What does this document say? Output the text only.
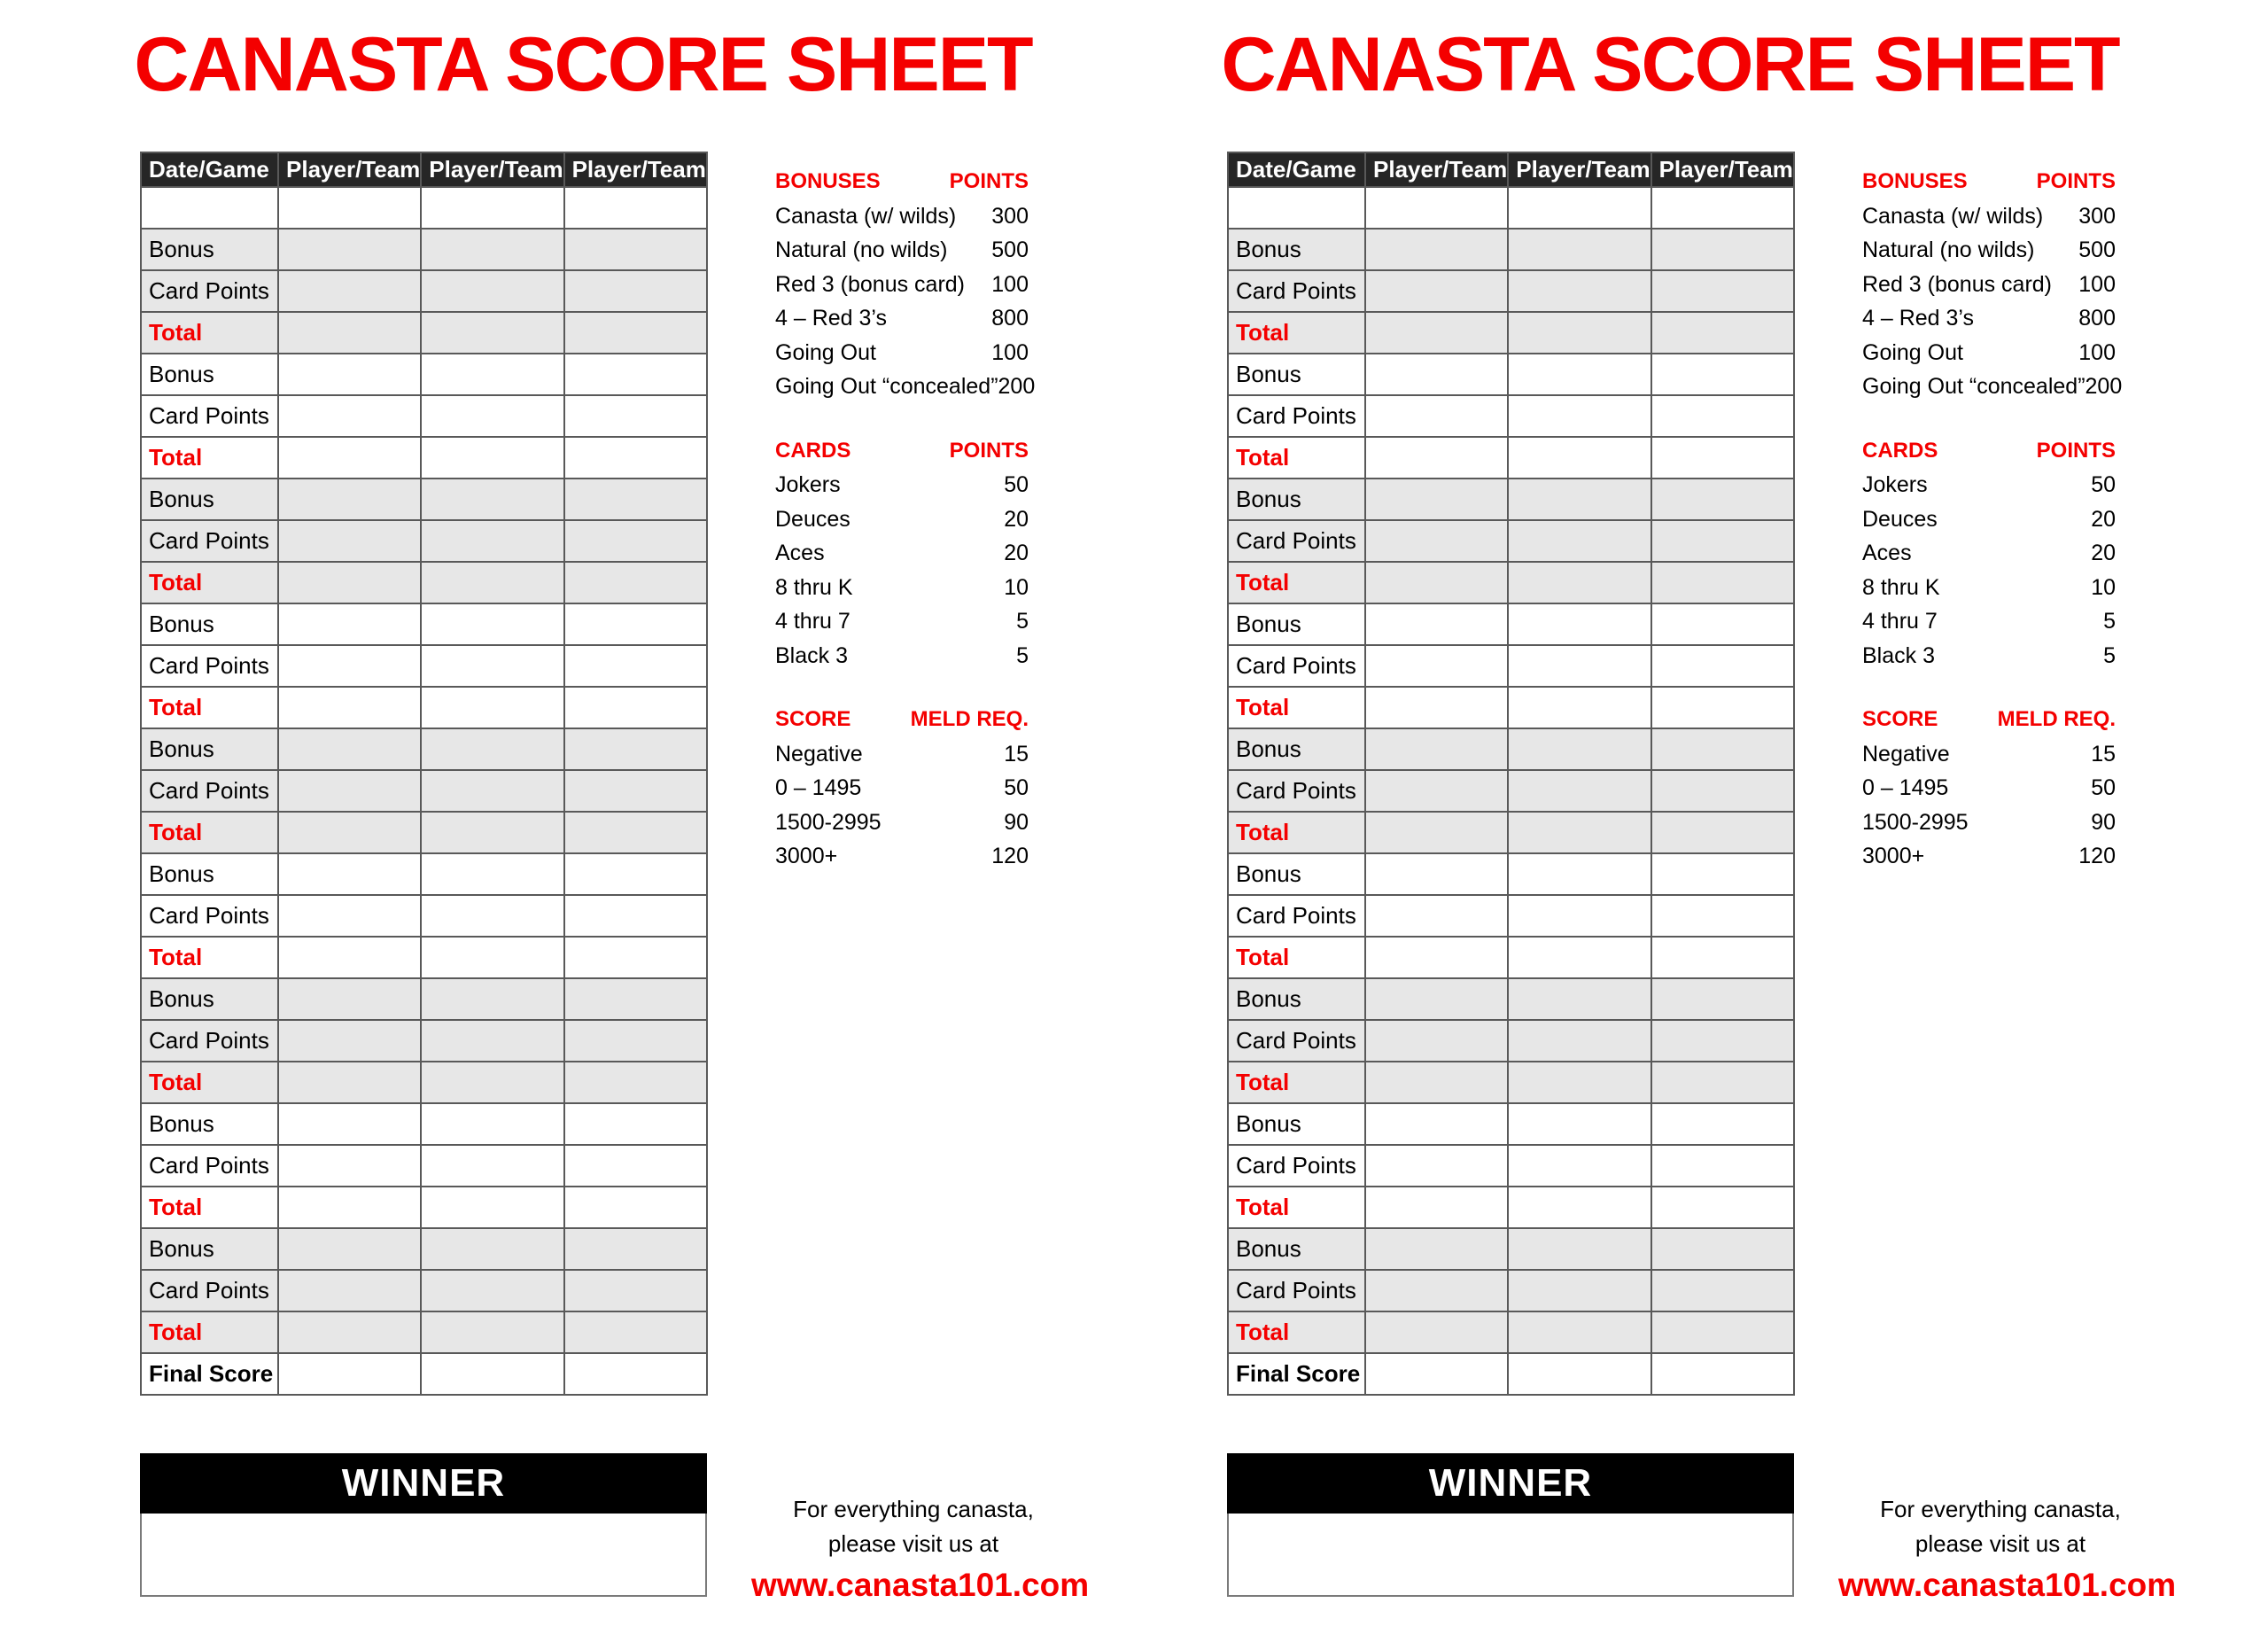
CANASTA SCORE SHEET
Date/Game	Player/Team	Player/Team	Player/Team

Bonus			
Card Points			
Total			
Bonus			
Card Points			
Total			
Bonus			
Card Points			
Total			
Bonus			
Card Points			
Total			
Bonus			
Card Points			
Total			
Bonus			
Card Points			
Total			
Bonus			
Card Points			
Total			
Bonus			
Card Points			
Total			
Bonus			
Card Points			
Total			
Final Score			
BONUSES	POINTS
Canasta (w/ wilds) 300
Natural (no wilds) 500
Red 3 (bonus card) 100
4 – Red 3’s	800
Going Out	100
Going Out “concealed” 200
CARDS	POINTS
Jokers	50
Deuces	20
Aces	20
8 thru K	10
4 thru 7	5
Black 3	5
SCORE	MELD REQ.
Negative	15
0 – 1495	50
1500-2995	90
3000+	120
WINNER
For everything canasta,
please visit us at
www.canasta101.com
CANASTA SCORE SHEET
Date/Game	Player/Team	Player/Team	Player/Team

Bonus			
Card Points			
Total			
Bonus			
Card Points			
Total			
Bonus			
Card Points			
Total			
Bonus			
Card Points			
Total			
Bonus			
Card Points			
Total			
Bonus			
Card Points			
Total			
Bonus			
Card Points			
Total			
Bonus			
Card Points			
Total			
Bonus			
Card Points			
Total			
Final Score			
BONUSES	POINTS
Canasta (w/ wilds) 300
Natural (no wilds) 500
Red 3 (bonus card) 100
4 – Red 3’s	800
Going Out	100
Going Out “concealed” 200
CARDS	POINTS
Jokers	50
Deuces	20
Aces	20
8 thru K	10
4 thru 7	5
Black 3	5
SCORE	MELD REQ.
Negative	15
0 – 1495	50
1500-2995	90
3000+	120
WINNER
For everything canasta,
please visit us at
www.canasta101.com
